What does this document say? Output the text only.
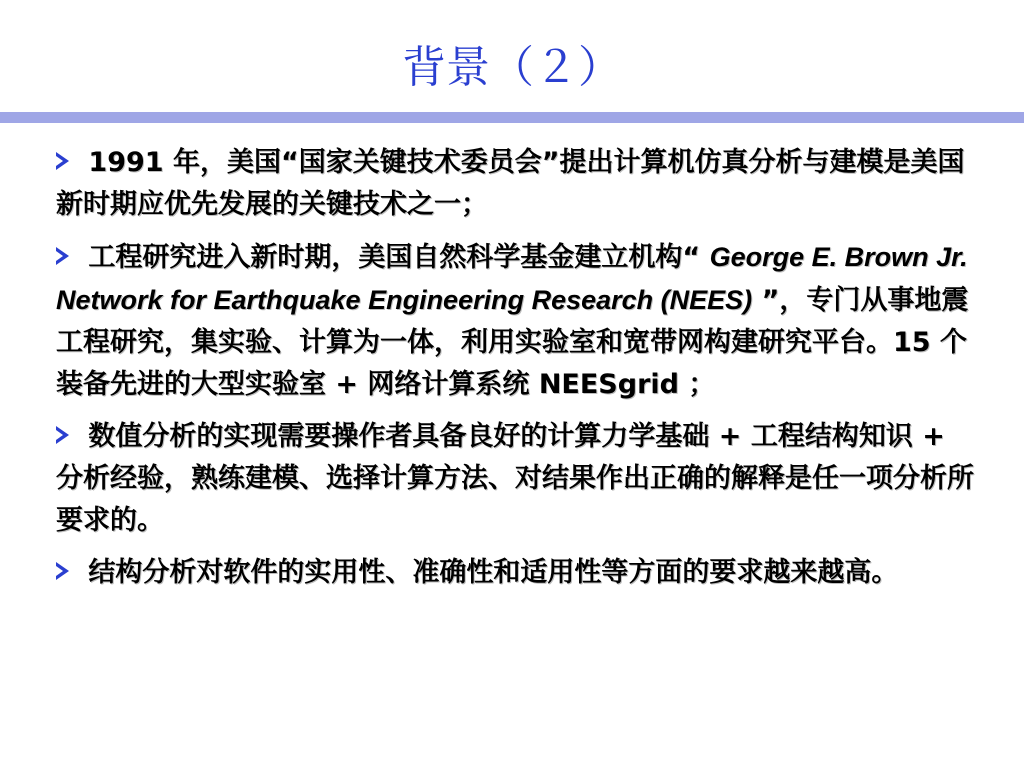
背景（２）

1991 年，美国“国家关键技术委员会”提出计算机仿真分析与建模是美国新时期应优先发展的关键技术之一；

工程研究进入新时期，美国自然科学基金建立机构“ George E. Brown Jr. Network for Earthquake Engineering Research (NEES) ”，专门从事地震工程研究，集实验、计算为一体，利用实验室和宽带网构建研究平台。15 个装备先进的大型实验室 + 网络计算系统 NEESgrid ；

数值分析的实现需要操作者具备良好的计算力学基础 + 工程结构知识 + 分析经验，熟练建模、选择计算方法、对结果作出正确的解释是任一项分析所要求的。

结构分析对软件的实用性、准确性和适用性等方面的要求越来越高。
